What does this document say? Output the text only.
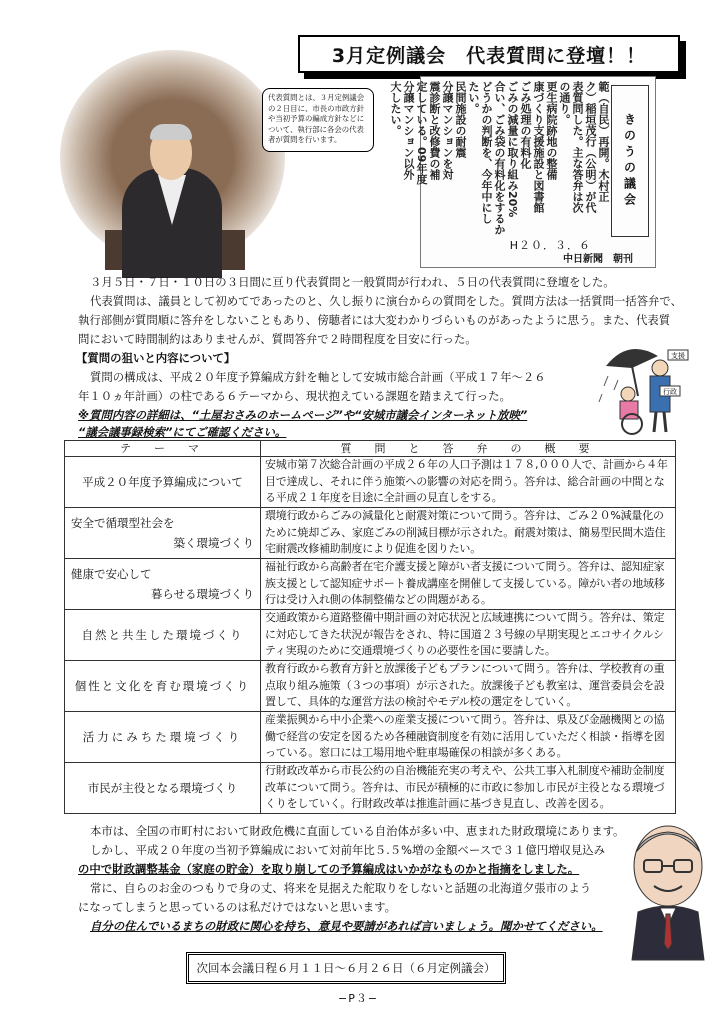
3月定例議会　代表質問に登壇！！
代表質問とは、３月定例議会の２日目に、市長の市政方針や当初予算の編成方針などについて、執行部に各会の代表者が質問を行います。	範（自民）再開。木村正
ク）稲垣茂行（公明）が代
表質問した。主な答弁は次
の通り。
更生病院跡地の整備
康づくり支援施設と図書館
ごみ処理の有料化
ごみの減量に取り組み20%
合い、ごみ袋の有料化をするか
どうかの判断を、今年中にし
たい。
民間施設の耐震
分譲マンションを対
震診断と改修費の補
定している。09年度
分譲マンション以外
大したい。
きのうの議会
H２０．３．６
中日新聞　朝刊
３月５日・７日・１０日の３日間に亘り代表質問と一般質問が行われ、５日の代表質問に登壇をした。
代表質問は、議員として初めてであったのと、久し振りに演台からの質問をした。質問方法は一括質問一括答弁で、
執行部側が質問順に答弁をしないこともあり、傍聴者には大変わかりづらいものがあったように思う。また、代表質
問において時間制約はありませんが、質問答弁で２時間程度を目安に行った。
【質問の狙いと内容について】
質問の構成は、平成２０年度予算編成方針を軸として安城市総合計画（平成１７年〜２６
年１０ヵ年計画）の柱である６テーマから、現状抱えている課題を踏まえて行った。
※質問内容の詳細は、“土屋おさみのホームページ”や“安城市議会インターネット放映”
“議会議事録検索”にてご確認ください。
支援
行政
テ　ー　マ	質　問　と　答　弁　の　概　要
平成２０年度予算編成について	安城市第７次総合計画の平成２６年の人口予測は１７８,０００人で、計画から４年目で達成し、それに伴う施策への影響の対応を問う。答弁は、総合計画の中間となる平成２１年度を目途に全計画の見直しをする。

安全で循環型社会を
築く環境づくり	環境行政からごみの減量化と耐震対策について問う。答弁は、ごみ２０%減量化のために焼却ごみ、家庭ごみの削減目標が示された。耐震対策は、簡易型民間木造住宅耐震改修補助制度により促進を図りたい。

健康で安心して
暮らせる環境づくり	福祉行政から高齢者在宅介護支援と障がい者支援について問う。答弁は、認知症家族支援として認知症サポート養成講座を開催して支援している。障がい者の地域移行は受け入れ側の体制整備などの問題がある。
自然と共生した環境づくり	交通政策から道路整備中期計画の対応状況と広域連携について問う。答弁は、策定に対応してきた状況が報告をされ、特に国道２３号線の早期実現とエコサイクルシティ実現のために交通環境づくりの必要性を国に要請した。
個性と文化を育む環境づくり	教育行政から教育方針と放課後子どもプランについて問う。答弁は、学校教育の重点取り組み施策（３つの事項）が示された。放課後子ども教室は、運営委員会を設置して、具体的な運営方法の検討やモデル校の選定をしていく。
活力にみちた環境づくり	産業振興から中小企業への産業支援について問う。答弁は、県及び金融機関との協働で経営の安定を図るため各種融資制度を有効に活用していただく相談・指導を図っている。窓口には工場用地や駐車場確保の相談が多くある。
市民が主役となる環境づくり	行財政改革から市長公約の自治機能充実の考えや、公共工事入札制度や補助金制度改革について問う。答弁は、市民が積極的に市政に参加し市民が主役となる環境づくりをしていく。行財政改革は推進計画に基づき見直し、改善を図る。
本市は、全国の市町村において財政危機に直面している自治体が多い中、恵まれた財政環境にあります。
しかし、平成２０年度の当初予算編成において対前年比５.５%増の金額ベースで３１億円増収見込み
の中で財政調整基金（家庭の貯金）を取り崩しての予算編成はいかがなものかと指摘をしました。
常に、自らのお金のつもりで身の丈、将来を見据えた舵取りをしないと話題の北海道夕張市のよう
になってしまうと思っているのは私だけではないと思います。
自分の住んでいるまちの財政に関心を持ち、意見や要請があれば言いましょう。聞かせてください。
次回本会議日程６月１１日〜６月２６日（６月定例議会）
−P３−
